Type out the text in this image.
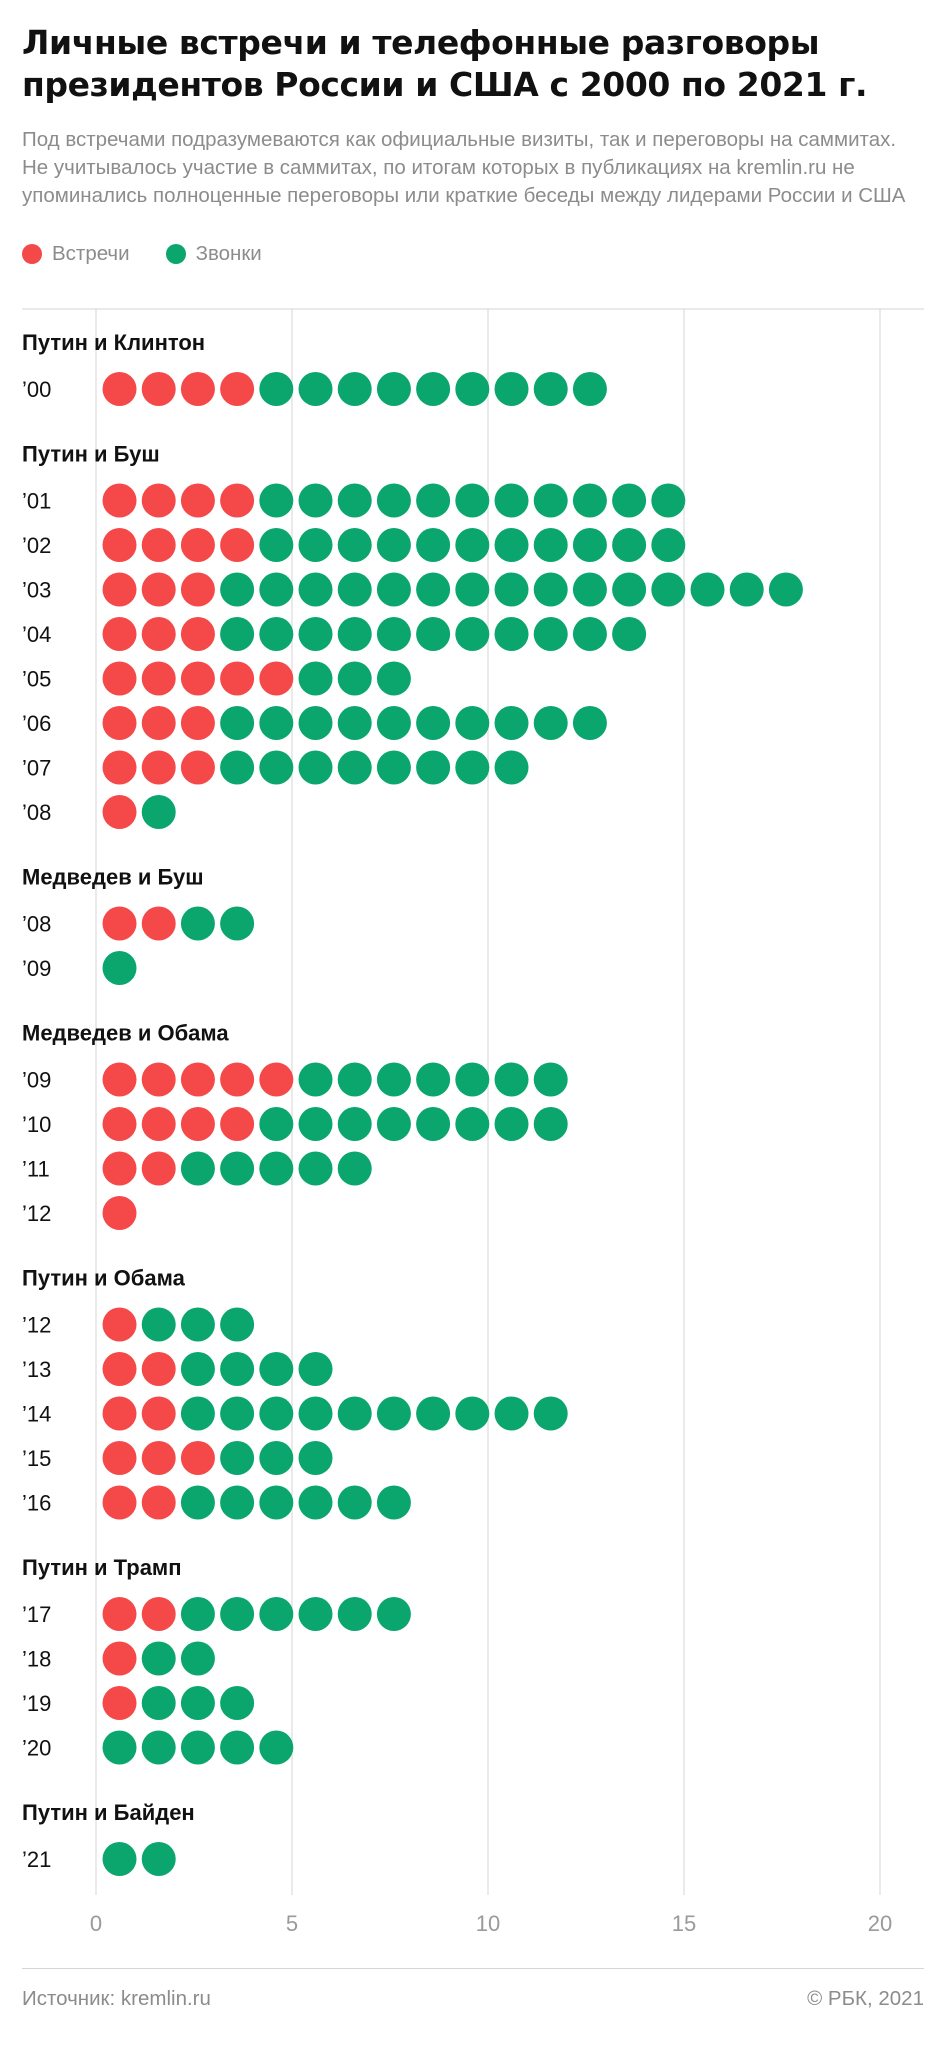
Личные встречи и телефонные разговоры президентов России и США с 2000 по 2021 г.

Под встречами подразумеваются как официальные визиты, так и переговоры на саммитах. Не учитывалось участие в саммитах, по итогам которых в публикациях на kremlin.ru не упоминались полноценные переговоры или краткие беседы между лидерами России и США

Встречи	Звонки
0	5	10	15	20
Путин и Клинтон
’00
Путин и Буш
’01
’02
’03
’04
’05
’06
’07
’08
Медведев и Буш
’08
’09
Медведев и Обама
’09
’10
’11
’12
Путин и Обама
’12
’13
’14
’15
’16
Путин и Трамп
’17
’18
’19
’20
Путин и Байден
’21
Источник: kremlin.ru	© РБК, 2021
